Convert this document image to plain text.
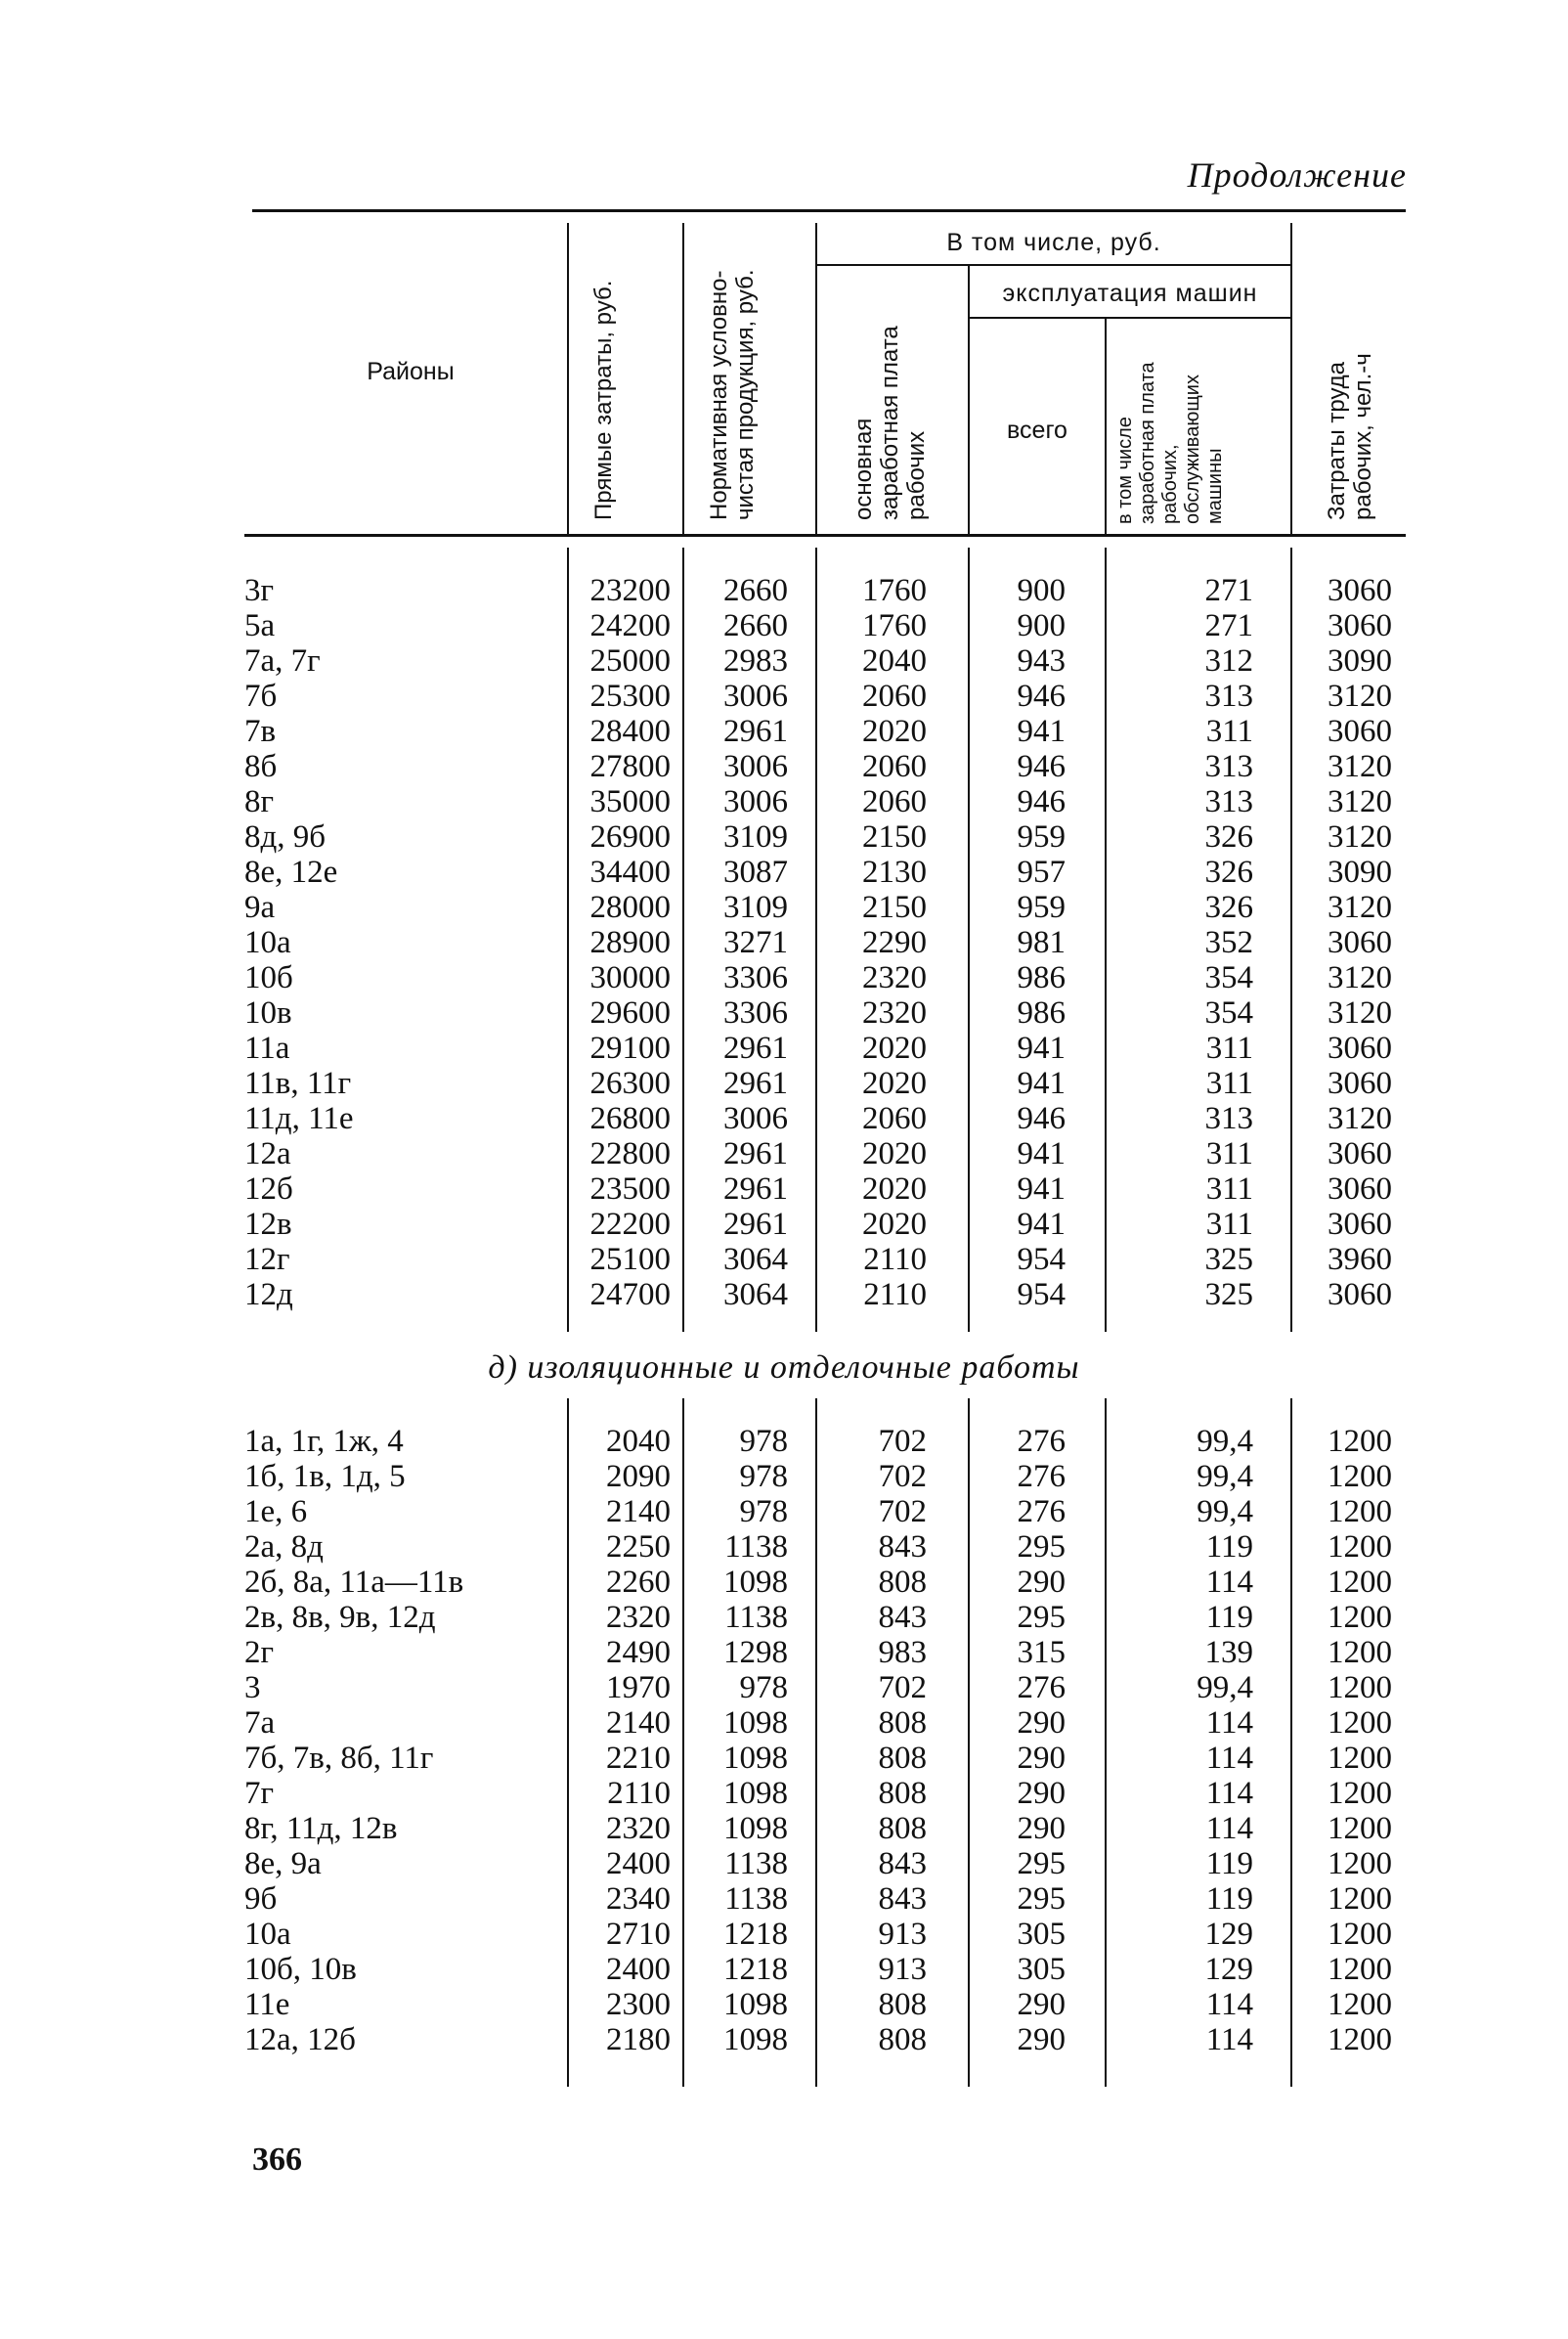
Продолжение
Районы	Прямые затраты, руб.	Нормативная условно-чистая продукция, руб.
В том числе, руб.
основная заработная плата рабочих
эксплуатация машин
всего	в том числе заработная плата рабочих, обслуживающих машины	Затраты труда рабочих, чел.-ч
3г	23200 2660 1760	900	271 3060
5а	24200 2660 1760	900	271 3060
7а, 7г	25000 2983 2040	943	312 3090
7б	25300 3006 2060	946	313 3120
7в	28400 2961 2020	941	311 3060
8б	27800 3006 2060	946	313 3120
8г	35000 3006 2060	946	313 3120
8д, 9б	26900 3109 2150	959	326 3120
8е, 12е	34400 3087 2130	957	326 3090
9а	28000 3109 2150	959	326 3120
10а	28900 3271 2290	981	352 3060
10б	30000 3306 2320	986	354 3120
10в	29600 3306 2320	986	354 3120
11а	29100 2961 2020	941	311 3060
11в, 11г	26300 2961 2020	941	311 3060
11д, 11е	26800 3006 2060	946	313 3120
12а	22800 2961 2020	941	311 3060
12б	23500 2961 2020	941	311 3060
12в	22200 2961 2020	941	311 3060
12г	25100 3064 2110	954	325 3960
12д	24700 3064 2110	954	325 3060
д) изоляционные и отделочные работы
1а, 1г, 1ж, 4	2040 978	702	276	99,4 1200
1б, 1в, 1д, 5	2090 978	702	276	99,4 1200
1е, 6	2140 978	702	276	99,4 1200
2а, 8д	2250 1138	843	295	119 1200
2б, 8а, 11а—11в	2260 1098	808	290	114 1200
2в, 8в, 9в, 12д	2320 1138	843	295	119 1200
2г	2490 1298	983	315	139 1200
3	1970 978	702	276	99,4 1200
7а	2140 1098	808	290	114 1200
7б, 7в, 8б, 11г	2210 1098	808	290	114 1200
7г	2110 1098	808	290	114 1200
8г, 11д, 12в	2320 1098	808	290	114 1200
8е, 9а	2400 1138	843	295	119 1200
9б	2340 1138	843	295	119 1200
10а	2710 1218	913	305	129 1200
10б, 10в	2400 1218	913	305	129 1200
11е	2300 1098	808	290	114 1200
12а, 12б	2180 1098	808	290	114 1200
366
